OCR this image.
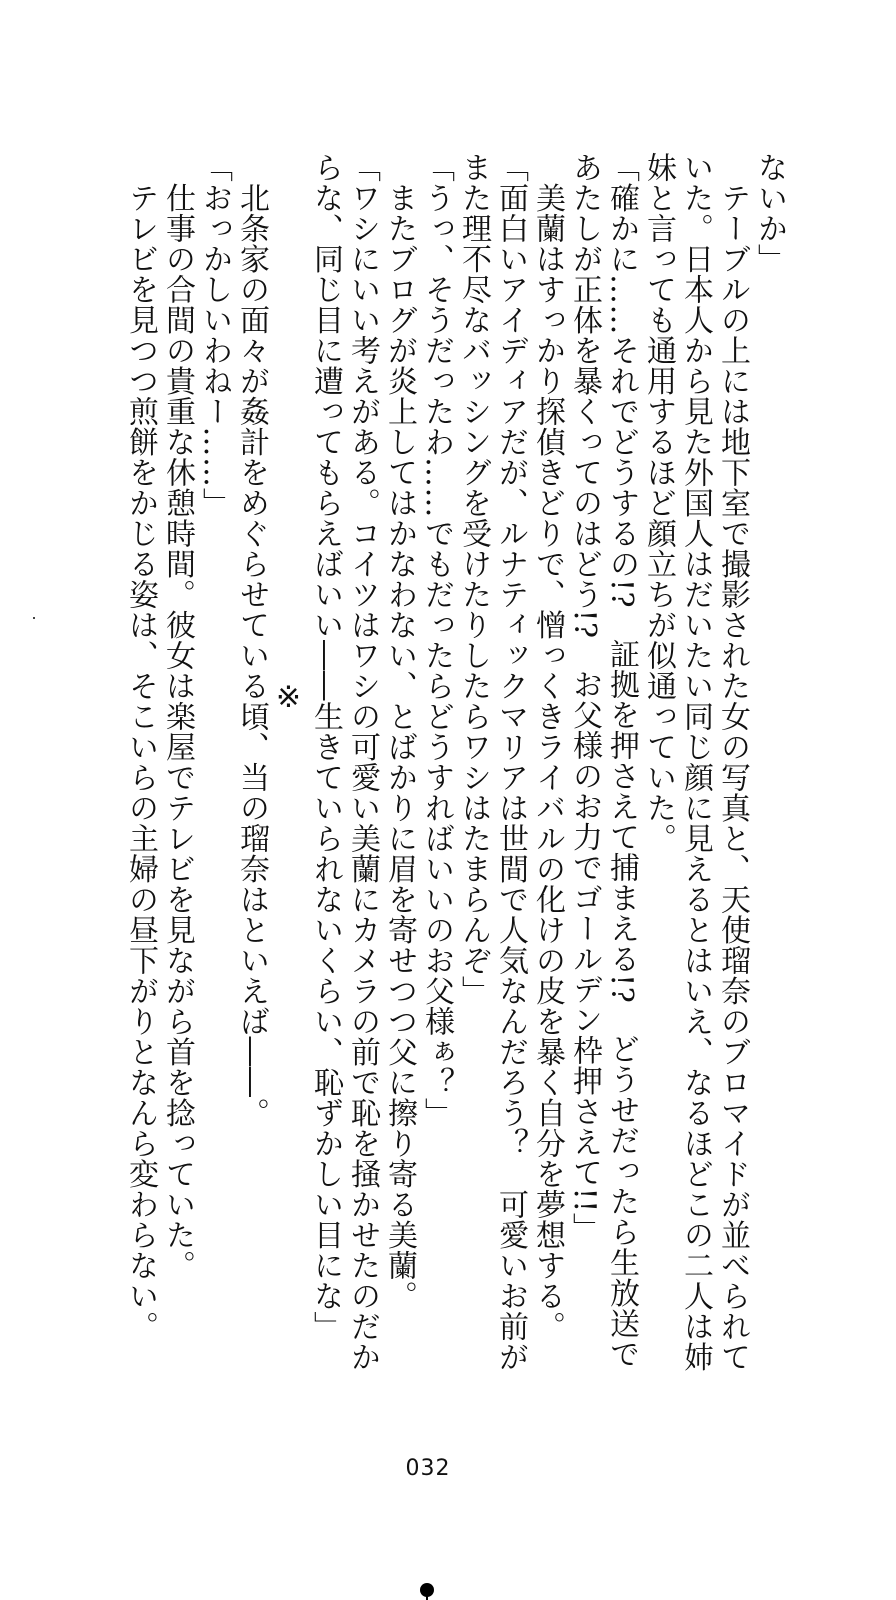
ないか」

　テーブルの上には地下室で撮影された女の写真と、天使瑠奈のブロマイドが並べられて

いた。日本人から見た外国人はだいたい同じ顔に見えるとはいえ、なるほどこの二人は姉

妹と言っても通用するほど顔立ちが似通っていた。

「確かに……それでどうするの!?　証拠を押さえて捕まえる!?　どうせだったら生放送で

あたしが正体を暴くってのはどう!?　お父様のお力でゴールデン枠押さえて!!」

　美蘭はすっかり探偵きどりで、憎っくきライバルの化けの皮を暴く自分を夢想する。

「面白いアイディアだが、ルナティックマリアは世間で人気なんだろう？　可愛いお前が

また理不尽なバッシングを受けたりしたらワシはたまらんぞ」

「うっ、そうだったわ……でもだったらどうすればいいのお父様ぁ？」

　またブログが炎上してはかなわない、とばかりに眉を寄せつつ父に擦り寄る美蘭。

「ワシにいい考えがある。コイツはワシの可愛い美蘭にカメラの前で恥を掻かせたのだか

らな、同じ目に遭ってもらえばいい――生きていられないくらい、恥ずかしい目にな」

※

　北条家の面々が姦計をめぐらせている頃、当の瑠奈はといえば――。

「おっかしいわねー……」

　仕事の合間の貴重な休憩時間。彼女は楽屋でテレビを見ながら首を捻っていた。

　テレビを見つつ煎餅をかじる姿は、そこいらの主婦の昼下がりとなんら変わらない。

032
